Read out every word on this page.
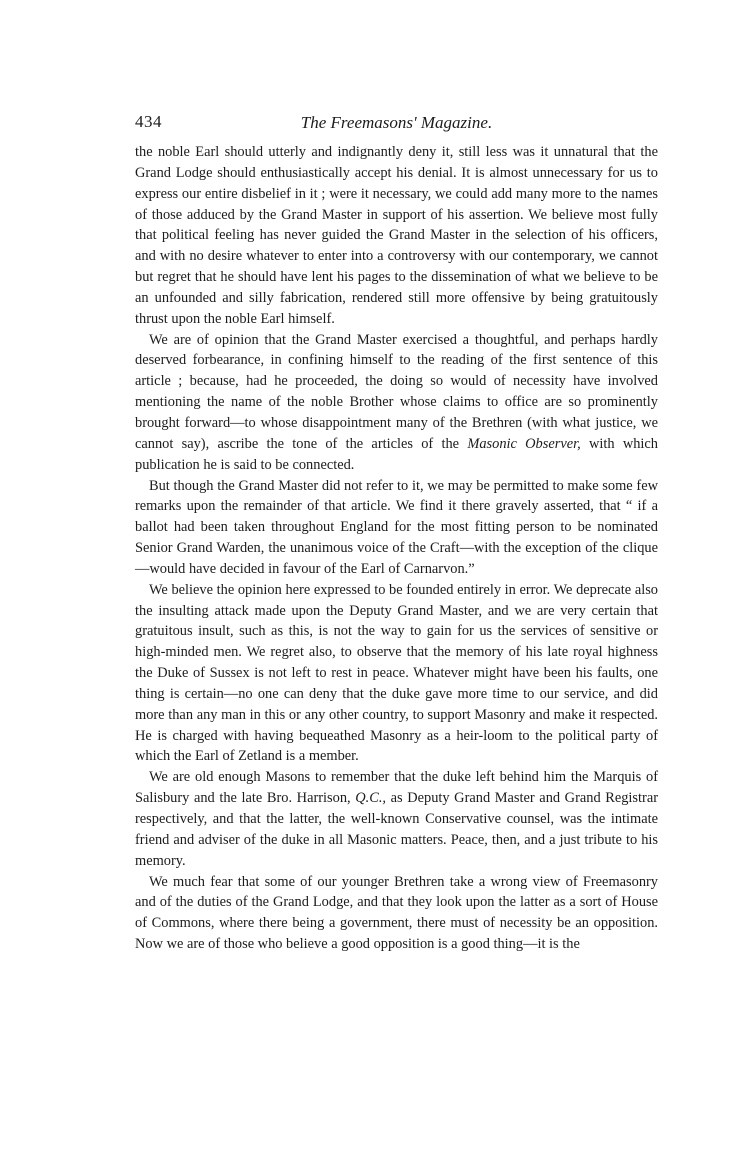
434	The Freemasons' Magazine.

the noble Earl should utterly and indignantly deny it, still less was it unnatural that the Grand Lodge should enthusiastically accept his denial. It is almost unnecessary for us to express our entire disbelief in it ; were it necessary, we could add many more to the names of those adduced by the Grand Master in support of his assertion. We believe most fully that political feeling has never guided the Grand Master in the selection of his officers, and with no desire whatever to enter into a controversy with our contemporary, we cannot but regret that he should have lent his pages to the dissemination of what we believe to be an unfounded and silly fabrication, rendered still more offensive by being gratuitously thrust upon the noble Earl himself.

We are of opinion that the Grand Master exercised a thoughtful, and perhaps hardly deserved forbearance, in confining himself to the reading of the first sentence of this article ; because, had he proceeded, the doing so would of necessity have involved mentioning the name of the noble Brother whose claims to office are so prominently brought forward—to whose disappointment many of the Brethren (with what justice, we cannot say), ascribe the tone of the articles of the Masonic Observer, with which publication he is said to be connected.

But though the Grand Master did not refer to it, we may be permitted to make some few remarks upon the remainder of that article. We find it there gravely asserted, that “ if a ballot had been taken throughout England for the most fitting person to be nominated Senior Grand Warden, the unanimous voice of the Craft—with the exception of the clique—would have decided in favour of the Earl of Carnarvon.”

We believe the opinion here expressed to be founded entirely in error. We deprecate also the insulting attack made upon the Deputy Grand Master, and we are very certain that gratuitous insult, such as this, is not the way to gain for us the services of sensitive or high-minded men. We regret also, to observe that the memory of his late royal highness the Duke of Sussex is not left to rest in peace. Whatever might have been his faults, one thing is certain—no one can deny that the duke gave more time to our service, and did more than any man in this or any other country, to support Masonry and make it respected. He is charged with having bequeathed Masonry as a heir-loom to the political party of which the Earl of Zetland is a member.

We are old enough Masons to remember that the duke left behind him the Marquis of Salisbury and the late Bro. Harrison, Q.C., as Deputy Grand Master and Grand Registrar respectively, and that the latter, the well-known Conservative counsel, was the intimate friend and adviser of the duke in all Masonic matters. Peace, then, and a just tribute to his memory.

We much fear that some of our younger Brethren take a wrong view of Freemasonry and of the duties of the Grand Lodge, and that they look upon the latter as a sort of House of Commons, where there being a government, there must of necessity be an opposition. Now we are of those who believe a good opposition is a good thing—it is the
